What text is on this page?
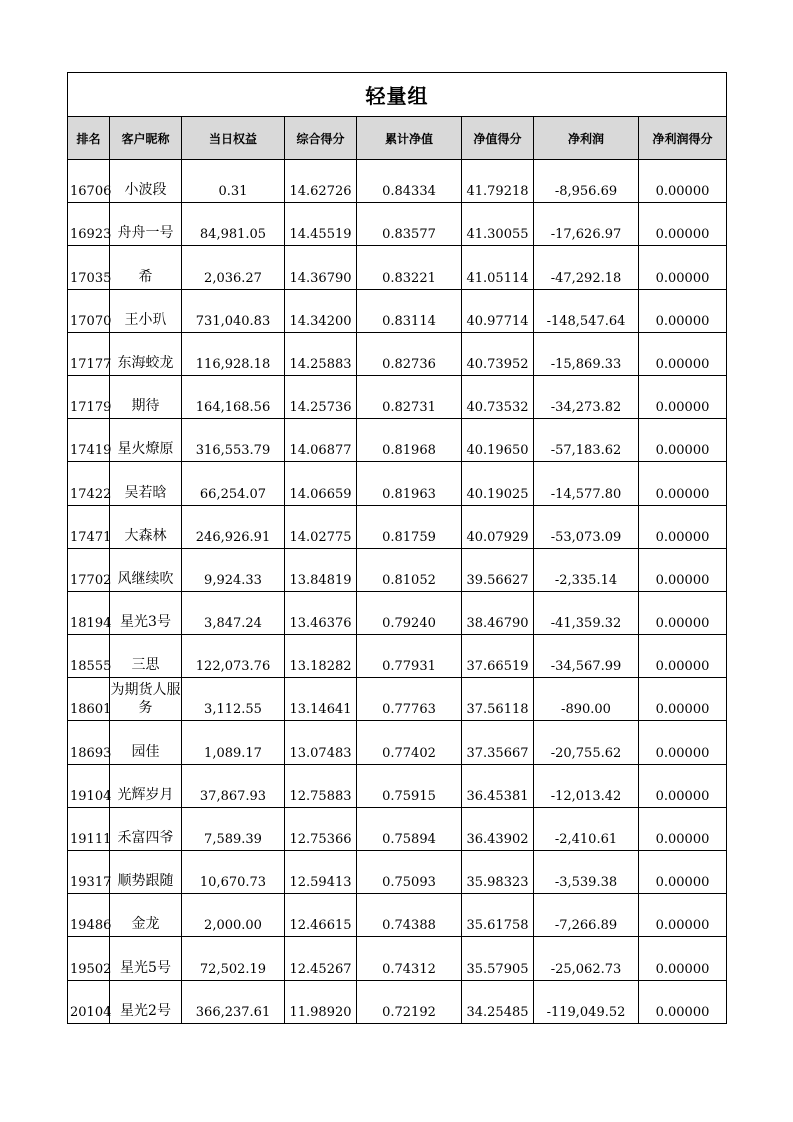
轻量组							
排名	客户昵称	当日权益	综合得分	累计净值	净值得分	净利润	净利润得分
16706	小波段	0.31	14.62726	0.84334	41.79218	-8,956.69	0.00000
16923	舟舟一号	84,981.05	14.45519	0.83577	41.30055	-17,626.97	0.00000
17035	希	2,036.27	14.36790	0.83221	41.05114	-47,292.18	0.00000
17070	王小玐	731,040.83	14.34200	0.83114	40.97714	-148,547.64	0.00000
17177	东海蛟龙	116,928.18	14.25883	0.82736	40.73952	-15,869.33	0.00000
17179	期待	164,168.56	14.25736	0.82731	40.73532	-34,273.82	0.00000
17419	星火燎原	316,553.79	14.06877	0.81968	40.19650	-57,183.62	0.00000
17422	吴若晗	66,254.07	14.06659	0.81963	40.19025	-14,577.80	0.00000
17471	大森林	246,926.91	14.02775	0.81759	40.07929	-53,073.09	0.00000
17702	风继续吹	9,924.33	13.84819	0.81052	39.56627	-2,335.14	0.00000
18194	星光3号	3,847.24	13.46376	0.79240	38.46790	-41,359.32	0.00000
18555	三思	122,073.76	13.18282	0.77931	37.66519	-34,567.99	0.00000
18601	为期货人服务	3,112.55	13.14641	0.77763	37.56118	-890.00	0.00000
18693	园佳	1,089.17	13.07483	0.77402	37.35667	-20,755.62	0.00000
19104	光辉岁月	37,867.93	12.75883	0.75915	36.45381	-12,013.42	0.00000
19111	禾富四爷	7,589.39	12.75366	0.75894	36.43902	-2,410.61	0.00000
19317	顺势跟随	10,670.73	12.59413	0.75093	35.98323	-3,539.38	0.00000
19486	金龙	2,000.00	12.46615	0.74388	35.61758	-7,266.89	0.00000
19502	星光5号	72,502.19	12.45267	0.74312	35.57905	-25,062.73	0.00000
20104	星光2号	366,237.61	11.98920	0.72192	34.25485	-119,049.52	0.00000
